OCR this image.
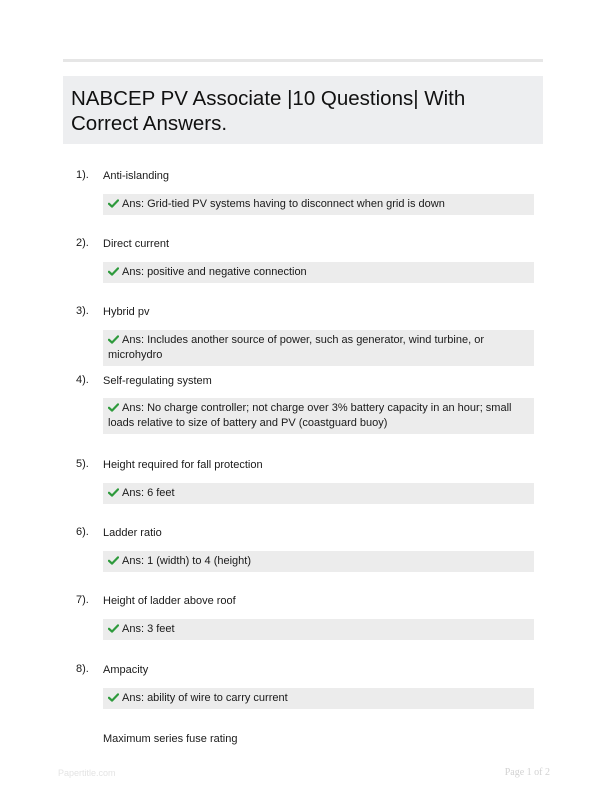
NABCEP PV Associate |10 Questions| With Correct Answers.
1). Anti-islanding
Ans: Grid-tied PV systems having to disconnect when grid is down
2). Direct current
Ans: positive and negative connection
3). Hybrid pv
Ans: Includes another source of power, such as generator, wind turbine, or microhydro
4). Self-regulating system
Ans: No charge controller; not charge over 3% battery capacity in an hour; small loads relative to size of battery and PV (coastguard buoy)
5). Height required for fall protection
Ans: 6 feet
6). Ladder ratio
Ans: 1 (width) to 4 (height)
7). Height of ladder above roof
Ans: 3 feet
8). Ampacity
Ans: ability of wire to carry current
Maximum series fuse rating
Papertitle.com	Page 1 of 2
